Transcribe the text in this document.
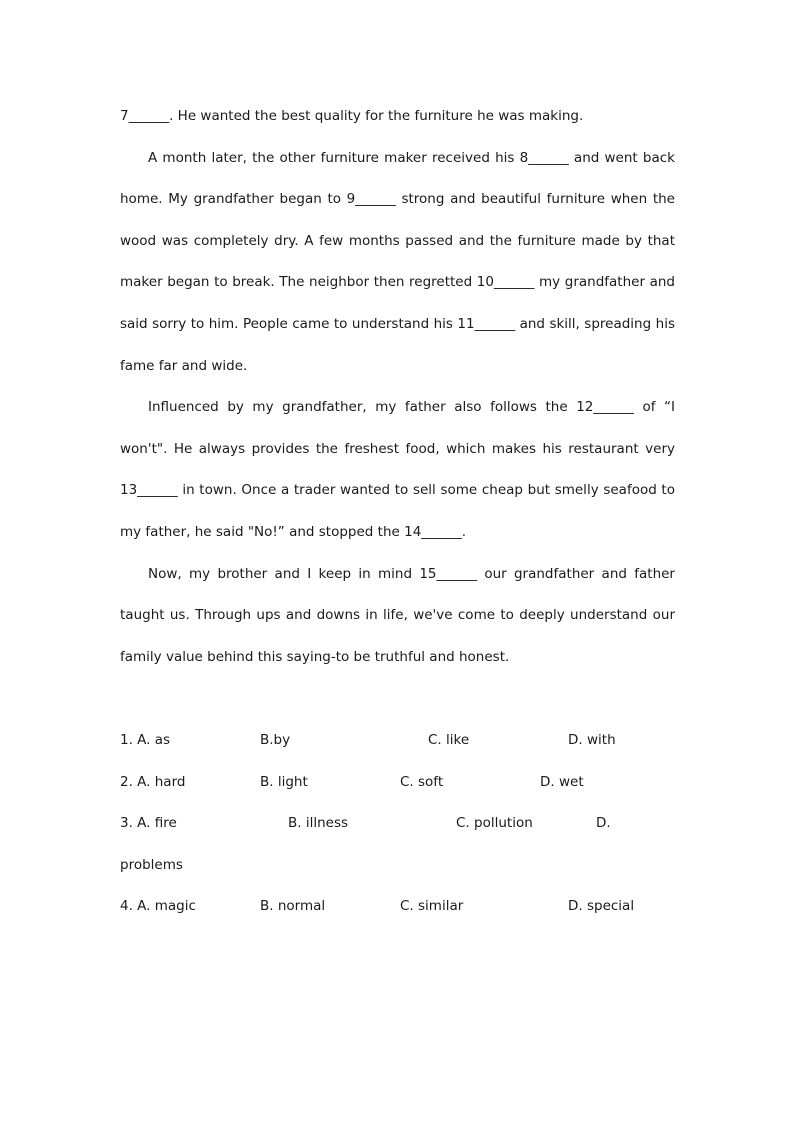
7______. He wanted the best quality for the furniture he was making.

A month later, the other furniture maker received his 8______ and went back home. My grandfather began to 9______ strong and beautiful furniture when the wood was completely dry. A few months passed and the furniture made by that maker began to break. The neighbor then regretted 10______ my grandfather and said sorry to him. People came to understand his 11______ and skill, spreading his fame far and wide.

Influenced by my grandfather, my father also follows the 12______ of “I won't". He always provides the freshest food, which makes his restaurant very 13______ in town. Once a trader wanted to sell some cheap but smelly seafood to my father, he said "No!” and stopped the 14______.

Now, my brother and I keep in mind 15______ our grandfather and father taught us. Through ups and downs in life, we've come to deeply understand our family value behind this saying-to be truthful and honest.

1. A. as	B.by	C. like	D. with
2. A. hard	B. light	C. soft	D. wet
3. A. fire	B. illness	C. pollution	D.
problems
4. A. magic	B. normal	C. similar	D. special
